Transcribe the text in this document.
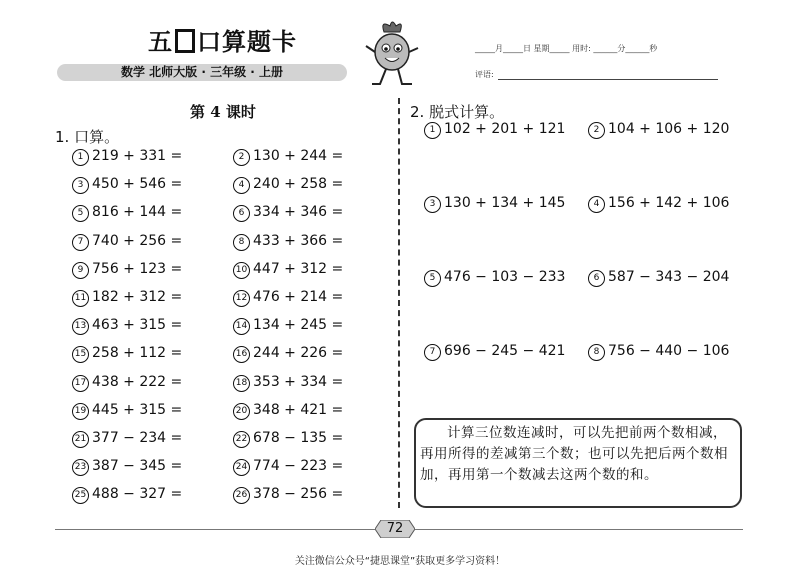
五 口算题卡
数学 北师大版 · 三年级 · 上册
_____月_____日 星期_____ 用时: ______分______秒
评语:
第 4 课时
1. 口算。
1 219 + 331 =	2 130 + 244 =
3 450 + 546 =	4 240 + 258 =
5 816 + 144 =	6 334 + 346 =
7 740 + 256 =	8 433 + 366 =
9 756 + 123 =	10 447 + 312 =
11 182 + 312 =	12 476 + 214 =
13 463 + 315 =	14 134 + 245 =
15 258 + 112 =	16 244 + 226 =
17 438 + 222 =	18 353 + 334 =
19 445 + 315 =	20 348 + 421 =
21 377 − 234 =	22 678 − 135 =
23 387 − 345 =	24 774 − 223 =
25 488 − 327 =	26 378 − 256 =
2. 脱式计算。
1 102 + 201 + 121	2 104 + 106 + 120
3 130 + 134 + 145	4 156 + 142 + 106
5 476 − 103 − 233	6 587 − 343 − 204
7 696 − 245 − 421	8 756 − 440 − 106
计算三位数连减时，可以先把前两个数相减，再用所得的差减第三个数；也可以先把后两个数相加，再用第一个数减去这两个数的和。
72
关注微信公众号“捷思课堂”获取更多学习资料！
